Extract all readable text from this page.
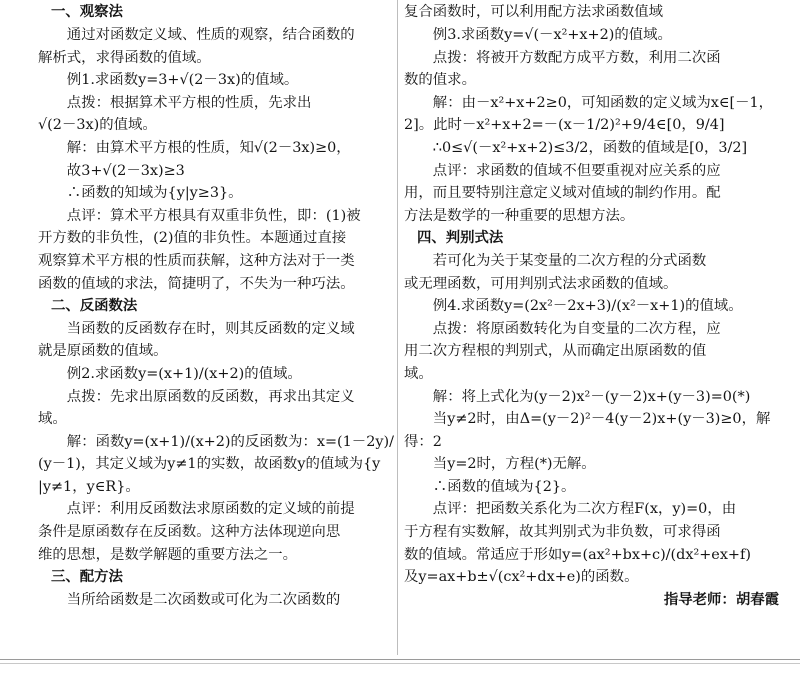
一、观察法
通过对函数定义域、性质的观察，结合函数的
解析式，求得函数的值域。
例1.求函数y=3+√(2－3x)的值域。
点拨：根据算术平方根的性质，先求出
√(2－3x)的值域。
解：由算术平方根的性质，知√(2－3x)≥0，
故3+√(2－3x)≥3
∴函数的知域为{y|y≥3}。
点评：算术平方根具有双重非负性，即：(1)被
开方数的非负性，(2)值的非负性。本题通过直接
观察算术平方根的性质而获解，这种方法对于一类
函数的值域的求法，简捷明了，不失为一种巧法。
二、反函数法
当函数的反函数存在时，则其反函数的定义域
就是原函数的值域。
例2.求函数y=(x+1)/(x+2)的值域。
点拨：先求出原函数的反函数，再求出其定义
域。
解：函数y=(x+1)/(x+2)的反函数为：x=(1－2y)/
(y－1)，其定义域为y≠1的实数，故函数y的值域为{y
|y≠1，y∈R}。
点评：利用反函数法求原函数的定义域的前提
条件是原函数存在反函数。这种方法体现逆向思
维的思想，是数学解题的重要方法之一。
三、配方法
当所给函数是二次函数或可化为二次函数的
复合函数时，可以利用配方法求函数值域
例3.求函数y=√(－x²+x+2)的值域。
点拨：将被开方数配方成平方数，利用二次函
数的值求。
解：由－x²+x+2≥0，可知函数的定义域为x∈[－1，
2]。此时－x²+x+2=－(x－1/2)²+9/4∈[0，9/4]
∴0≤√(－x²+x+2)≤3/2，函数的值域是[0，3/2]
点评：求函数的值域不但要重视对应关系的应
用，而且要特别注意定义域对值域的制约作用。配
方法是数学的一种重要的思想方法。
四、判别式法
若可化为关于某变量的二次方程的分式函数
或无理函数，可用判别式法求函数的值域。
例4.求函数y=(2x²－2x+3)/(x²－x+1)的值域。
点拨：将原函数转化为自变量的二次方程，应
用二次方程根的判别式，从而确定出原函数的值
域。
解：将上式化为(y－2)x²－(y－2)x+(y－3)=0(*)
当y≠2时，由Δ=(y－2)²－4(y－2)x+(y－3)≥0，解
得：2
当y=2时，方程(*)无解。
∴函数的值域为{2}。
点评：把函数关系化为二次方程F(x，y)=0，由
于方程有实数解，故其判别式为非负数，可求得函
数的值域。常适应于形如y=(ax²+bx+c)/(dx²+ex+f)
及y=ax+b±√(cx²+dx+e)的函数。
指导老师：胡春霞
